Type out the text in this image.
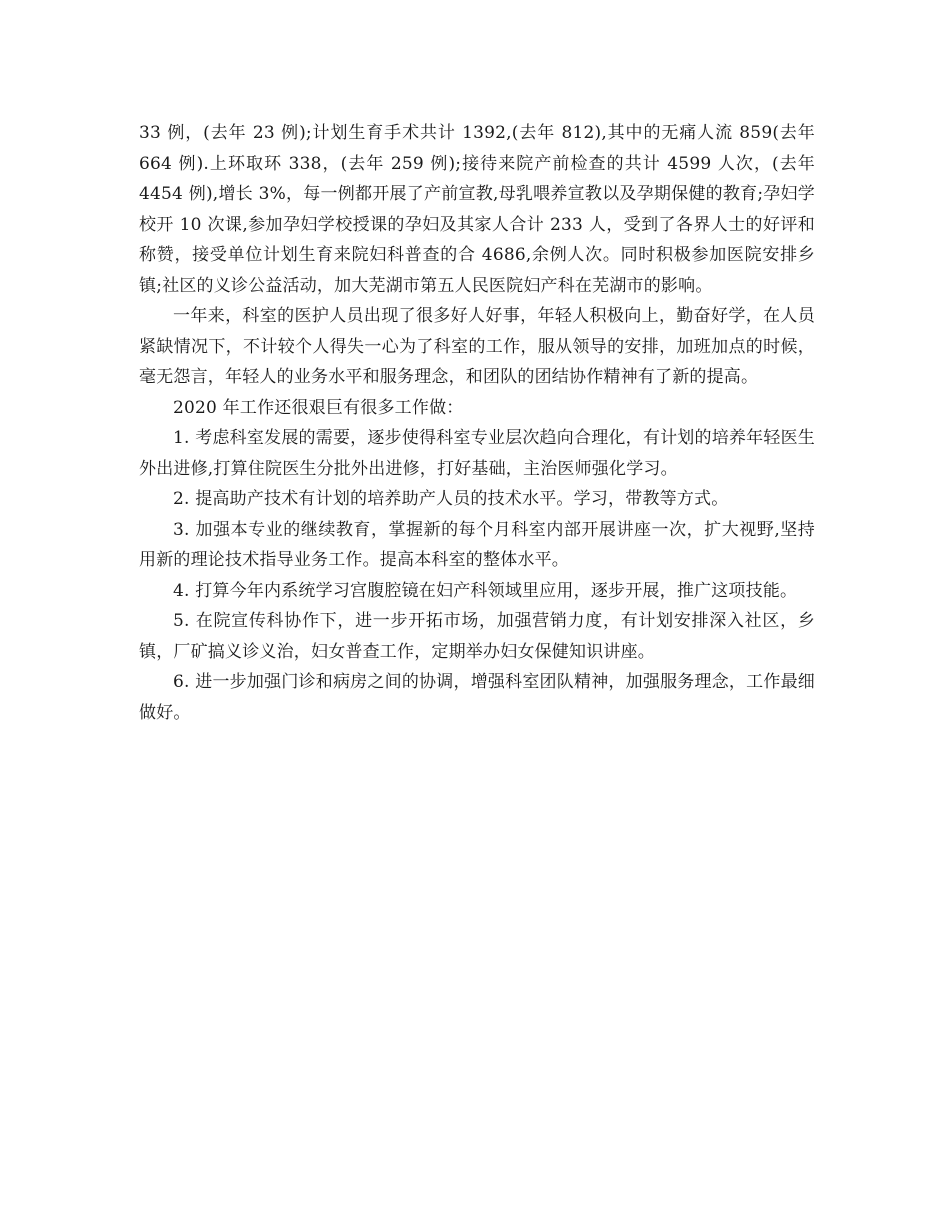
33 例，(去年 23 例);计划生育手术共计 1392,(去年 812),其中的无痛人流 859(去年 664 例).上环取环 338，(去年 259 例);接待来院产前检查的共计 4599 人次，(去年 4454 例),增长 3%，每一例都开展了产前宣教,母乳喂养宣教以及孕期保健的教育;孕妇学校开 10 次课,参加孕妇学校授课的孕妇及其家人合计 233 人，受到了各界人士的好评和称赞，接受单位计划生育来院妇科普查的合 4686,余例人次。同时积极参加医院安排乡镇;社区的义诊公益活动，加大芜湖市第五人民医院妇产科在芜湖市的影响。

一年来，科室的医护人员出现了很多好人好事，年轻人积极向上，勤奋好学，在人员紧缺情况下，不计较个人得失一心为了科室的工作，服从领导的安排，加班加点的时候，毫无怨言，年轻人的业务水平和服务理念，和团队的团结协作精神有了新的提高。

2020 年工作还很艰巨有很多工作做：

1. 考虑科室发展的需要，逐步使得科室专业层次趋向合理化，有计划的培养年轻医生外出进修,打算住院医生分批外出进修，打好基础，主治医师强化学习。

2. 提高助产技术有计划的培养助产人员的技术水平。学习，带教等方式。

3. 加强本专业的继续教育，掌握新的每个月科室内部开展讲座一次，扩大视野,坚持用新的理论技术指导业务工作。提高本科室的整体水平。

4. 打算今年内系统学习宫腹腔镜在妇产科领域里应用，逐步开展，推广这项技能。

5. 在院宣传科协作下，进一步开拓市场，加强营销力度，有计划安排深入社区，乡镇，厂矿搞义诊义治，妇女普查工作，定期举办妇女保健知识讲座。

6. 进一步加强门诊和病房之间的协调，增强科室团队精神，加强服务理念，工作最细做好。
